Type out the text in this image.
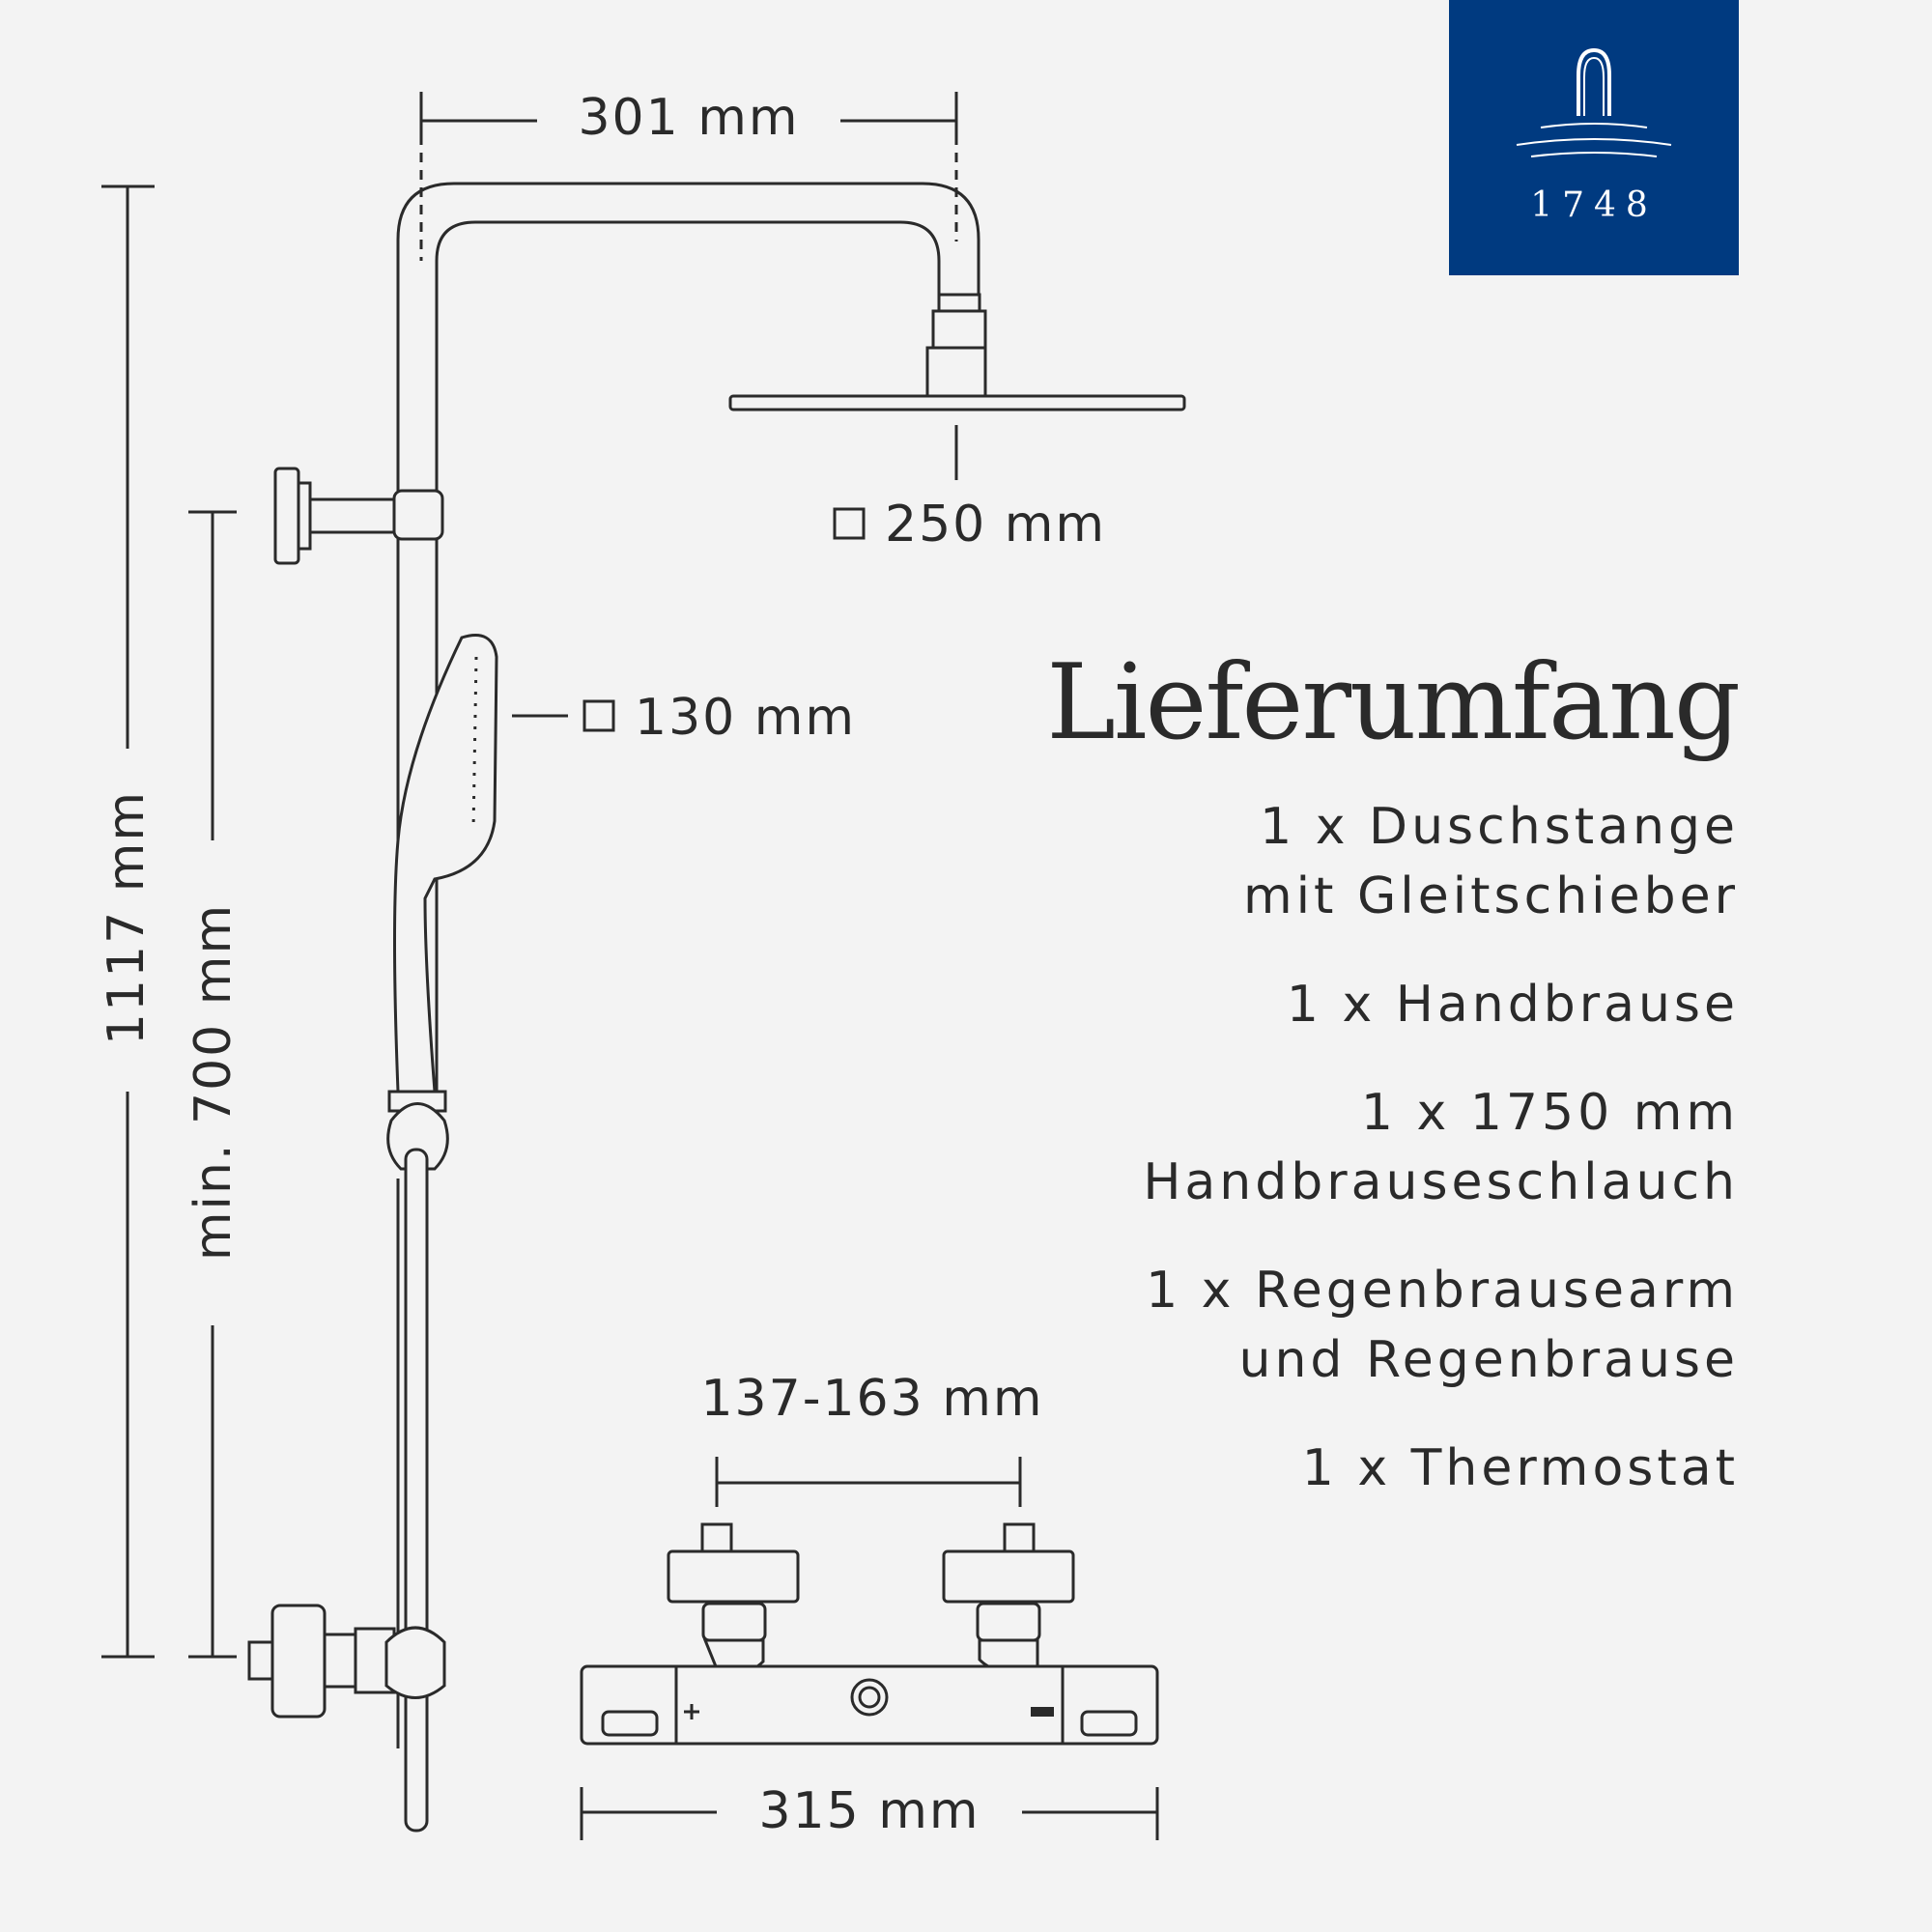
301 mm
250 mm
130 mm
1117 mm min. 700 mm
137-163 mm
315 mm
1748
Lieferumfang
1 x Duschstange
mit Gleitschieber
1 x Handbrause
1 x 1750 mm
Handbrauseschlauch
1 x Regenbrausearm
und Regenbrause
1 x Thermostat
